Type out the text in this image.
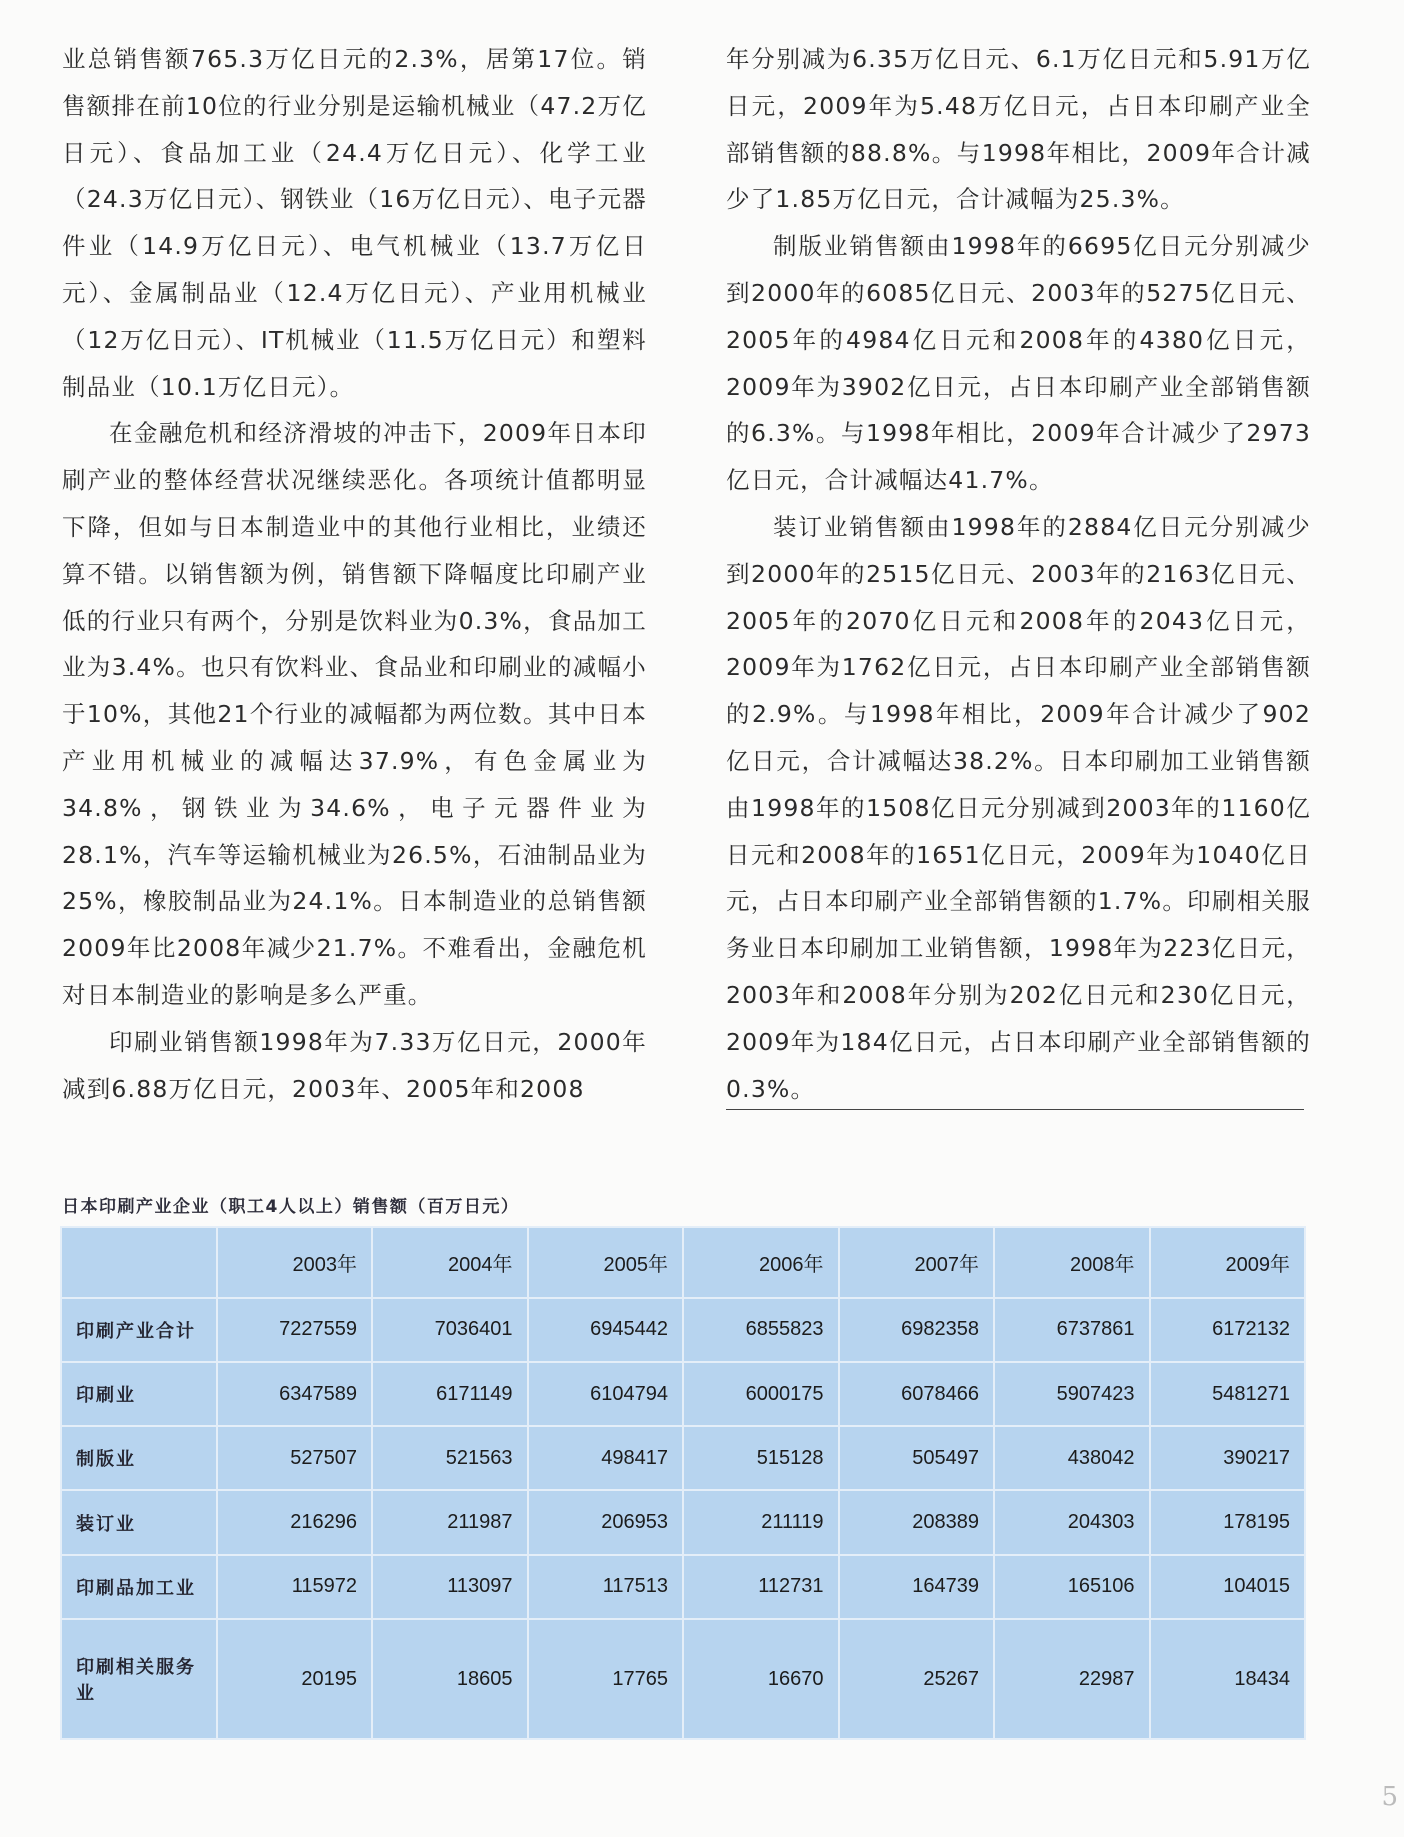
业总销售额765.3万亿日元的2.3%，居第17位。销售额排在前10位的行业分别是运输机械业（47.2万亿日元）、食品加工业（24.4万亿日元）、化学工业（24.3万亿日元）、钢铁业（16万亿日元）、电子元器件业（14.9万亿日元）、电气机械业（13.7万亿日元）、金属制品业（12.4万亿日元）、产业用机械业（12万亿日元）、IT机械业（11.5万亿日元）和塑料制品业（10.1万亿日元）。

在金融危机和经济滑坡的冲击下，2009年日本印刷产业的整体经营状况继续恶化。各项统计值都明显下降，但如与日本制造业中的其他行业相比，业绩还算不错。以销售额为例，销售额下降幅度比印刷产业低的行业只有两个，分别是饮料业为0.3%，食品加工业为3.4%。也只有饮料业、食品业和印刷业的减幅小于10%，其他21个行业的减幅都为两位数。其中日本产业用机械业的减幅达37.9%，有色金属业为34.8%，钢铁业为34.6%，电子元器件业为28.1%，汽车等运输机械业为26.5%，石油制品业为25%，橡胶制品业为24.1%。日本制造业的总销售额2009年比2008年减少21.7%。不难看出，金融危机对日本制造业的影响是多么严重。

印刷业销售额1998年为7.33万亿日元，2000年减到6.88万亿日元，2003年、2005年和2008

年分别减为6.35万亿日元、6.1万亿日元和5.91万亿日元，2009年为5.48万亿日元，占日本印刷产业全部销售额的88.8%。与1998年相比，2009年合计减少了1.85万亿日元，合计减幅为25.3%。

制版业销售额由1998年的6695亿日元分别减少到2000年的6085亿日元、2003年的5275亿日元、2005年的4984亿日元和2008年的4380亿日元，2009年为3902亿日元，占日本印刷产业全部销售额的6.3%。与1998年相比，2009年合计减少了2973亿日元，合计减幅达41.7%。

装订业销售额由1998年的2884亿日元分别减少到2000年的2515亿日元、2003年的2163亿日元、2005年的2070亿日元和2008年的2043亿日元，2009年为1762亿日元，占日本印刷产业全部销售额的2.9%。与1998年相比，2009年合计减少了902亿日元，合计减幅达38.2%。日本印刷加工业销售额由1998年的1508亿日元分别减到2003年的1160亿日元和2008年的1651亿日元，2009年为1040亿日元，占日本印刷产业全部销售额的1.7%。印刷相关服务业日本印刷加工业销售额，1998年为223亿日元，2003年和2008年分别为202亿日元和230亿日元，2009年为184亿日元，占日本印刷产业全部销售额的0.3%。

日本印刷产业企业（职工4人以上）销售额（百万日元）
	2003年	2004年	2005年	2006年	2007年	2008年	2009年
印刷产业合计	7227559	7036401	6945442	6855823	6982358	6737861	6172132
印刷业	6347589	6171149	6104794	6000175	6078466	5907423	5481271
制版业	527507	521563	498417	515128	505497	438042	390217
装订业	216296	211987	206953	211119	208389	204303	178195
印刷品加工业	115972	113097	117513	112731	164739	165106	104015
印刷相关服务业	20195	18605	17765	16670	25267	22987	18434
5
